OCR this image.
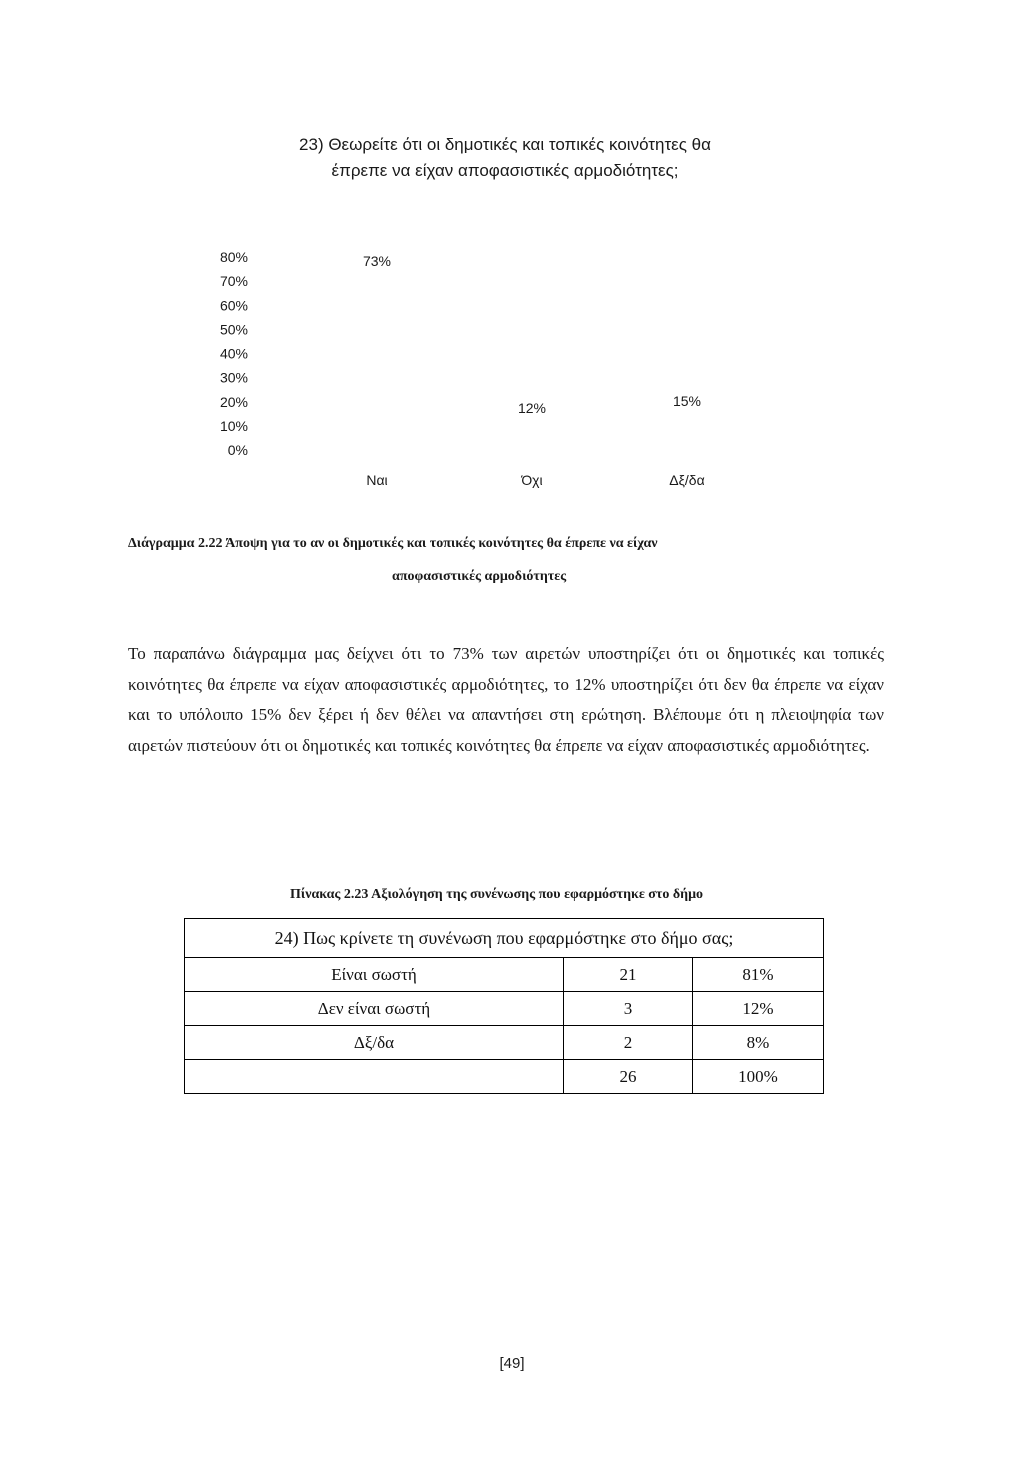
23) Θεωρείτε ότι οι δημοτικές και τοπικές κοινότητες θα
έπρεπε να είχαν αποφασιστικές αρμοδιότητες;
0%
10%
20%
30%
40%
50%
60%
70%
80%	73%
Ναι
12%
Όχι
15%
Δξ/δα
Διάγραμμα 2.22 Άποψη για το αν οι δημοτικές και τοπικές κοινότητες θα έπρεπε να είχαν
αποφασιστικές αρμοδιότητες

Το παραπάνω διάγραμμα μας δείχνει ότι το 73% των αιρετών υποστηρίζει ότι οι δημοτικές και τοπικές κοινότητες θα έπρεπε να είχαν αποφασιστικές αρμοδιότητες, το 12% υποστηρίζει ότι δεν θα έπρεπε να είχαν και το υπόλοιπο 15% δεν ξέρει ή δεν θέλει να απαντήσει στη ερώτηση. Βλέπουμε ότι η πλειοψηφία των αιρετών πιστεύουν ότι οι δημοτικές και τοπικές κοινότητες θα έπρεπε να είχαν αποφασιστικές αρμοδιότητες.

Πίνακας 2.23 Αξιολόγηση της συνένωσης που εφαρμόστηκε στο δήμο
24) Πως κρίνετε τη συνένωση που εφαρμόστηκε στο δήμο σας;		
Είναι σωστή	21	81%
Δεν είναι σωστή	3	12%
Δξ/δα	2	8%
	26	100%
[49]
